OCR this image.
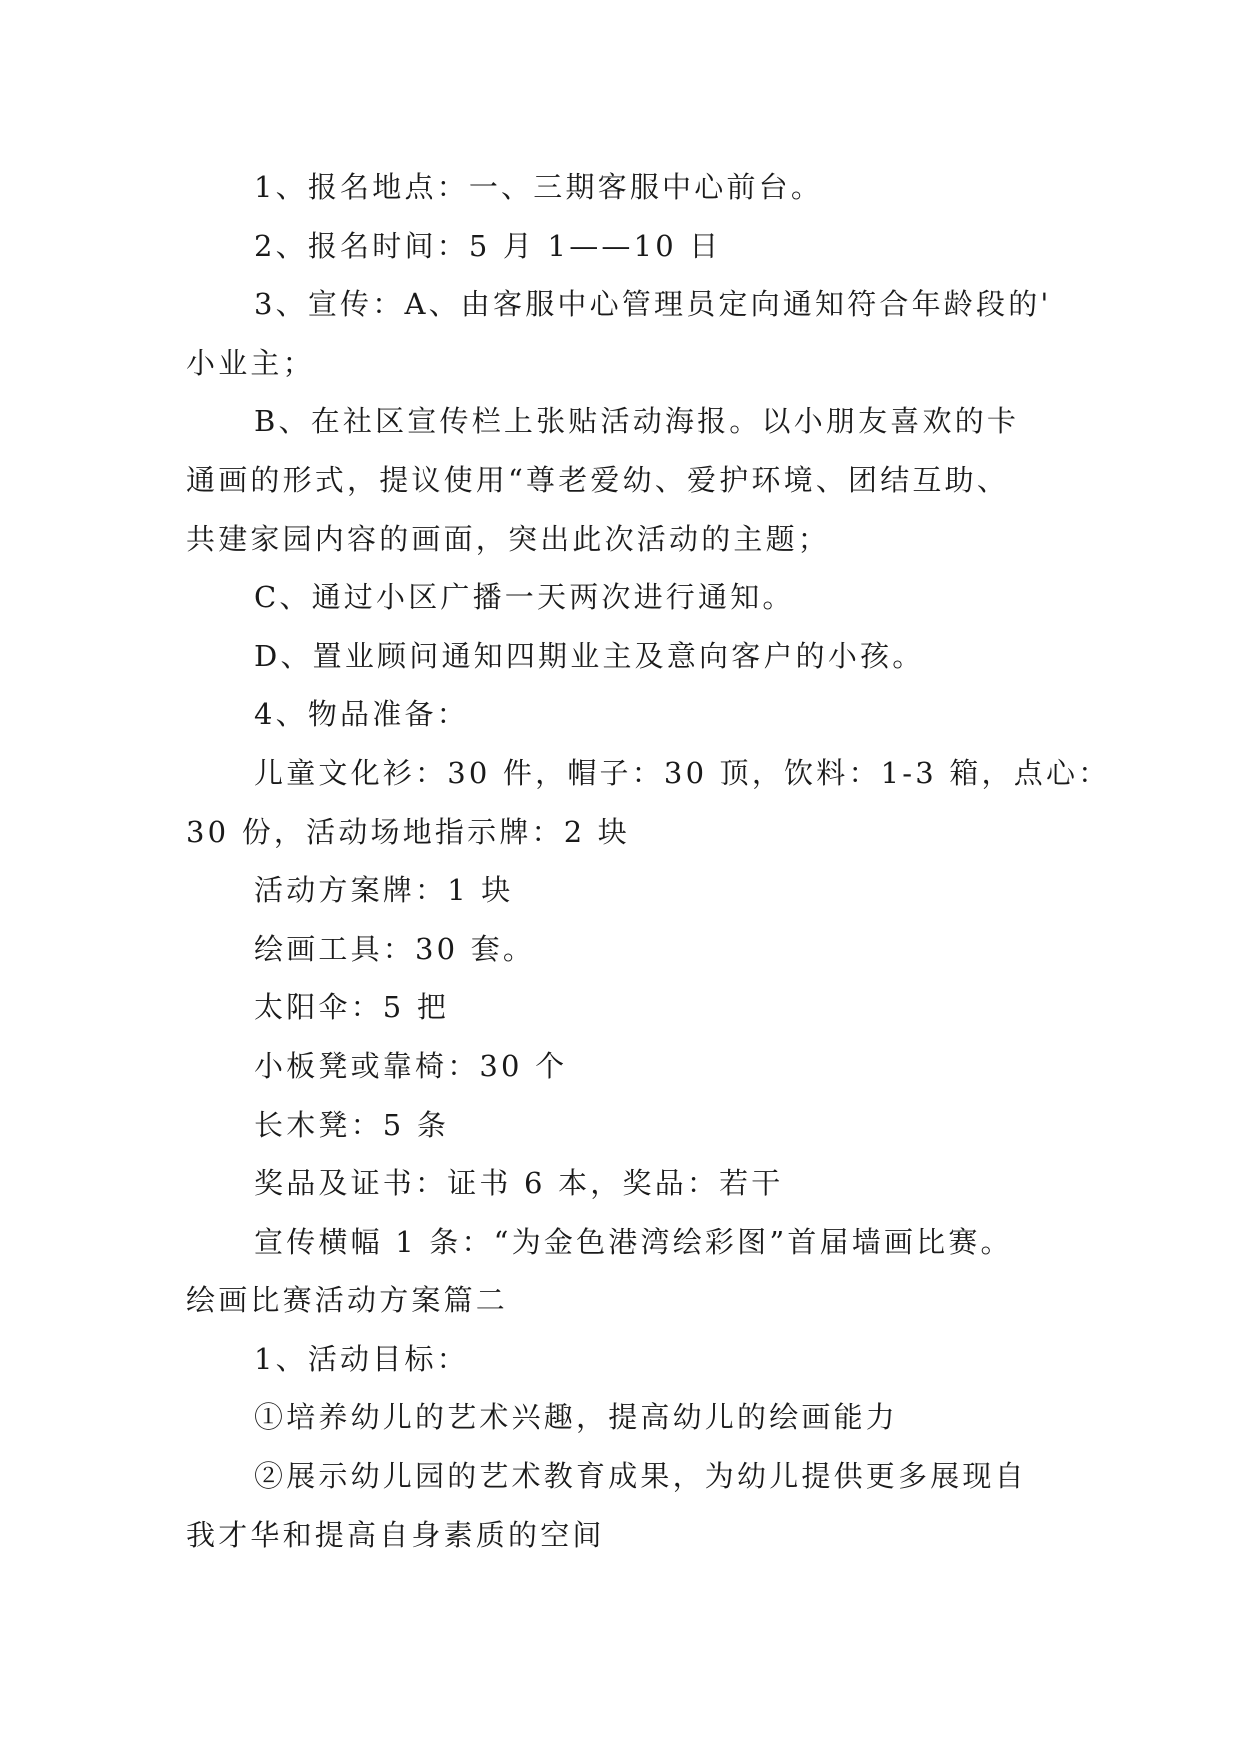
1、报名地点：一、三期客服中心前台。
2、报名时间：5 月 1——10 日
3、宣传：A、由客服中心管理员定向通知符合年龄段的'
小业主；
B、在社区宣传栏上张贴活动海报。以小朋友喜欢的卡
通画的形式，提议使用“尊老爱幼、爱护环境、团结互助、
共建家园内容的画面，突出此次活动的主题；
C、通过小区广播一天两次进行通知。
D、置业顾问通知四期业主及意向客户的小孩。
4、物品准备：
儿童文化衫：30 件，帽子：30 顶，饮料：1-3 箱，点心：
30 份，活动场地指示牌：2 块
活动方案牌：1 块
绘画工具：30 套。
太阳伞：5 把
小板凳或靠椅：30 个
长木凳：5 条
奖品及证书：证书 6 本，奖品：若干
宣传横幅 1 条：“为金色港湾绘彩图”首届墙画比赛。
绘画比赛活动方案篇二
1、活动目标：
①培养幼儿的艺术兴趣，提高幼儿的绘画能力
②展示幼儿园的艺术教育成果，为幼儿提供更多展现自
我才华和提高自身素质的空间
